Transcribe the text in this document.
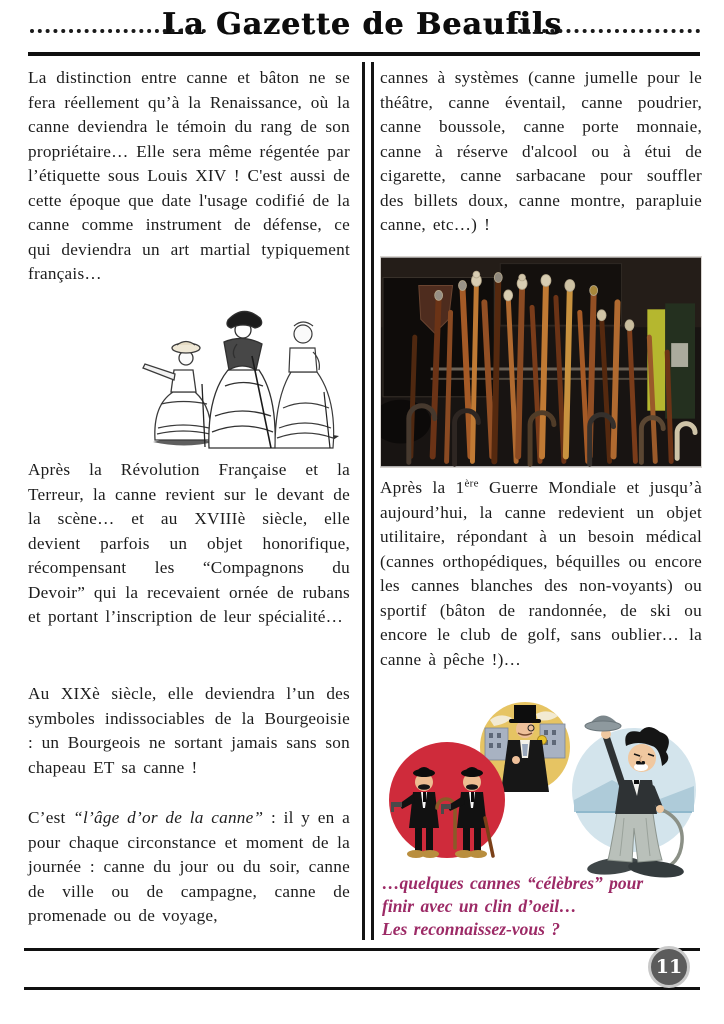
La Gazette de Beaufils

La distinction entre canne et bâton ne se fera réellement qu’à la Renaissance, où la canne deviendra le témoin du rang de son propriétaire… Elle sera même régentée par l’étiquette sous Louis XIV ! C'est aussi de cette époque que date l'usage codifié de la canne comme instrument de défense, ce qui deviendra un art martial typiquement français…

Après la Révolution Française et la Terreur, la canne revient sur le devant de la scène… et au XVIIIè siècle, elle devient parfois un objet honorifique, récompensant les “Compagnons du Devoir” qui la recevaient ornée de rubans et portant l’inscription de leur spécialité…

Au XIXè siècle, elle deviendra l’un des symboles indissociables de la Bourgeoisie : un Bourgeois ne sortant jamais sans son chapeau ET sa canne !

C’est “l’âge d’or de la canne” : il y en a pour chaque circonstance et moment de la journée : canne du jour ou du soir, canne de ville ou de campagne, canne de promenade ou de voyage,

cannes à systèmes (canne jumelle pour le théâtre, canne éventail, canne poudrier, canne boussole, canne porte monnaie, canne à réserve d'alcool ou à étui de cigarette, canne sarbacane pour souffler des billets doux, canne montre, parapluie canne, etc…) !

Après la 1ère Guerre Mondiale et jusqu’à aujourd’hui, la canne redevient un objet utilitaire, répondant à un besoin médical (cannes orthopédiques, béquilles ou encore les cannes blanches des non-voyants) ou sportif (bâton de randonnée, de ski ou encore le club de golf, sans oublier… la canne à pêche !)…

…quelques cannes “célèbres” pour
finir avec un clin d’oeil…
Les reconnaissez-vous ?
11
